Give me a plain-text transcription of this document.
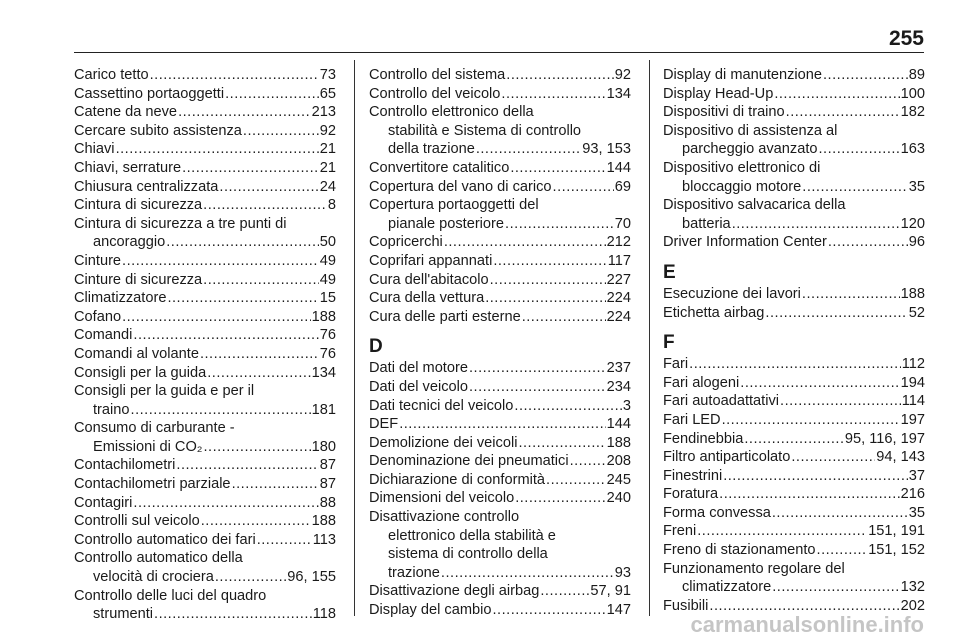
255
Carico tetto .....	73
Cassettino portaoggetti .....	65
Catene da neve .....	213
Cercare subito assistenza .....	92
Chiavi .....	21
Chiavi, serrature .....	21
Chiusura centralizzata .....	24
Cintura di sicurezza .....	8
Cintura di sicurezza a tre punti di
ancoraggio .....	50
Cinture .....	49
Cinture di sicurezza .....	49
Climatizzatore .....	15
Cofano .....	188
Comandi .....	76
Comandi al volante .....	76
Consigli per la guida .....	134
Consigli per la guida e per il
traino .....	181
Consumo di carburante -
Emissioni di CO₂ .....	180
Contachilometri .....	87
Contachilometri parziale .....	87
Contagiri .....	88
Controlli sul veicolo .....	188
Controllo automatico dei fari .....	113
Controllo automatico della
velocità di crociera .....	96, 155
Controllo delle luci del quadro
strumenti .....	118
Controllo del sistema .....	92
Controllo del veicolo .....	134
Controllo elettronico della
stabilità e Sistema di controllo
della trazione .....	93, 153
Convertitore catalitico .....	144
Copertura del vano di carico .....	69
Copertura portaoggetti del
pianale posteriore .....	70
Copricerchi .....	212
Coprifari appannati .....	117
Cura dell'abitacolo .....	227
Cura della vettura .....	224
Cura delle parti esterne .....	224
D
Dati del motore .....	237
Dati del veicolo .....	234
Dati tecnici del veicolo .....	3
DEF .....	144
Demolizione dei veicoli .....	188
Denominazione dei pneumatici .....	208
Dichiarazione di conformità .....	245
Dimensioni del veicolo .....	240
Disattivazione controllo
elettronico della stabilità e
sistema di controllo della
trazione .....	93
Disattivazione degli airbag .....	57, 91
Display del cambio .....	147
Display di manutenzione .....	89
Display Head-Up .....	100
Dispositivi di traino .....	182
Dispositivo di assistenza al
parcheggio avanzato .....	163
Dispositivo elettronico di
bloccaggio motore .....	35
Dispositivo salvacarica della
batteria .....	120
Driver Information Center .....	96
E
Esecuzione dei lavori .....	188
Etichetta airbag .....	52
F
Fari .....	112
Fari alogeni .....	194
Fari autoadattativi .....	114
Fari LED .....	197
Fendinebbia .....	95, 116, 197
Filtro antiparticolato .....	94, 143
Finestrini .....	37
Foratura .....	216
Forma convessa .....	35
Freni .....	151, 191
Freno di stazionamento .....	151, 152
Funzionamento regolare del
climatizzatore .....	132
Fusibili .....	202
carmanualsonline.info
